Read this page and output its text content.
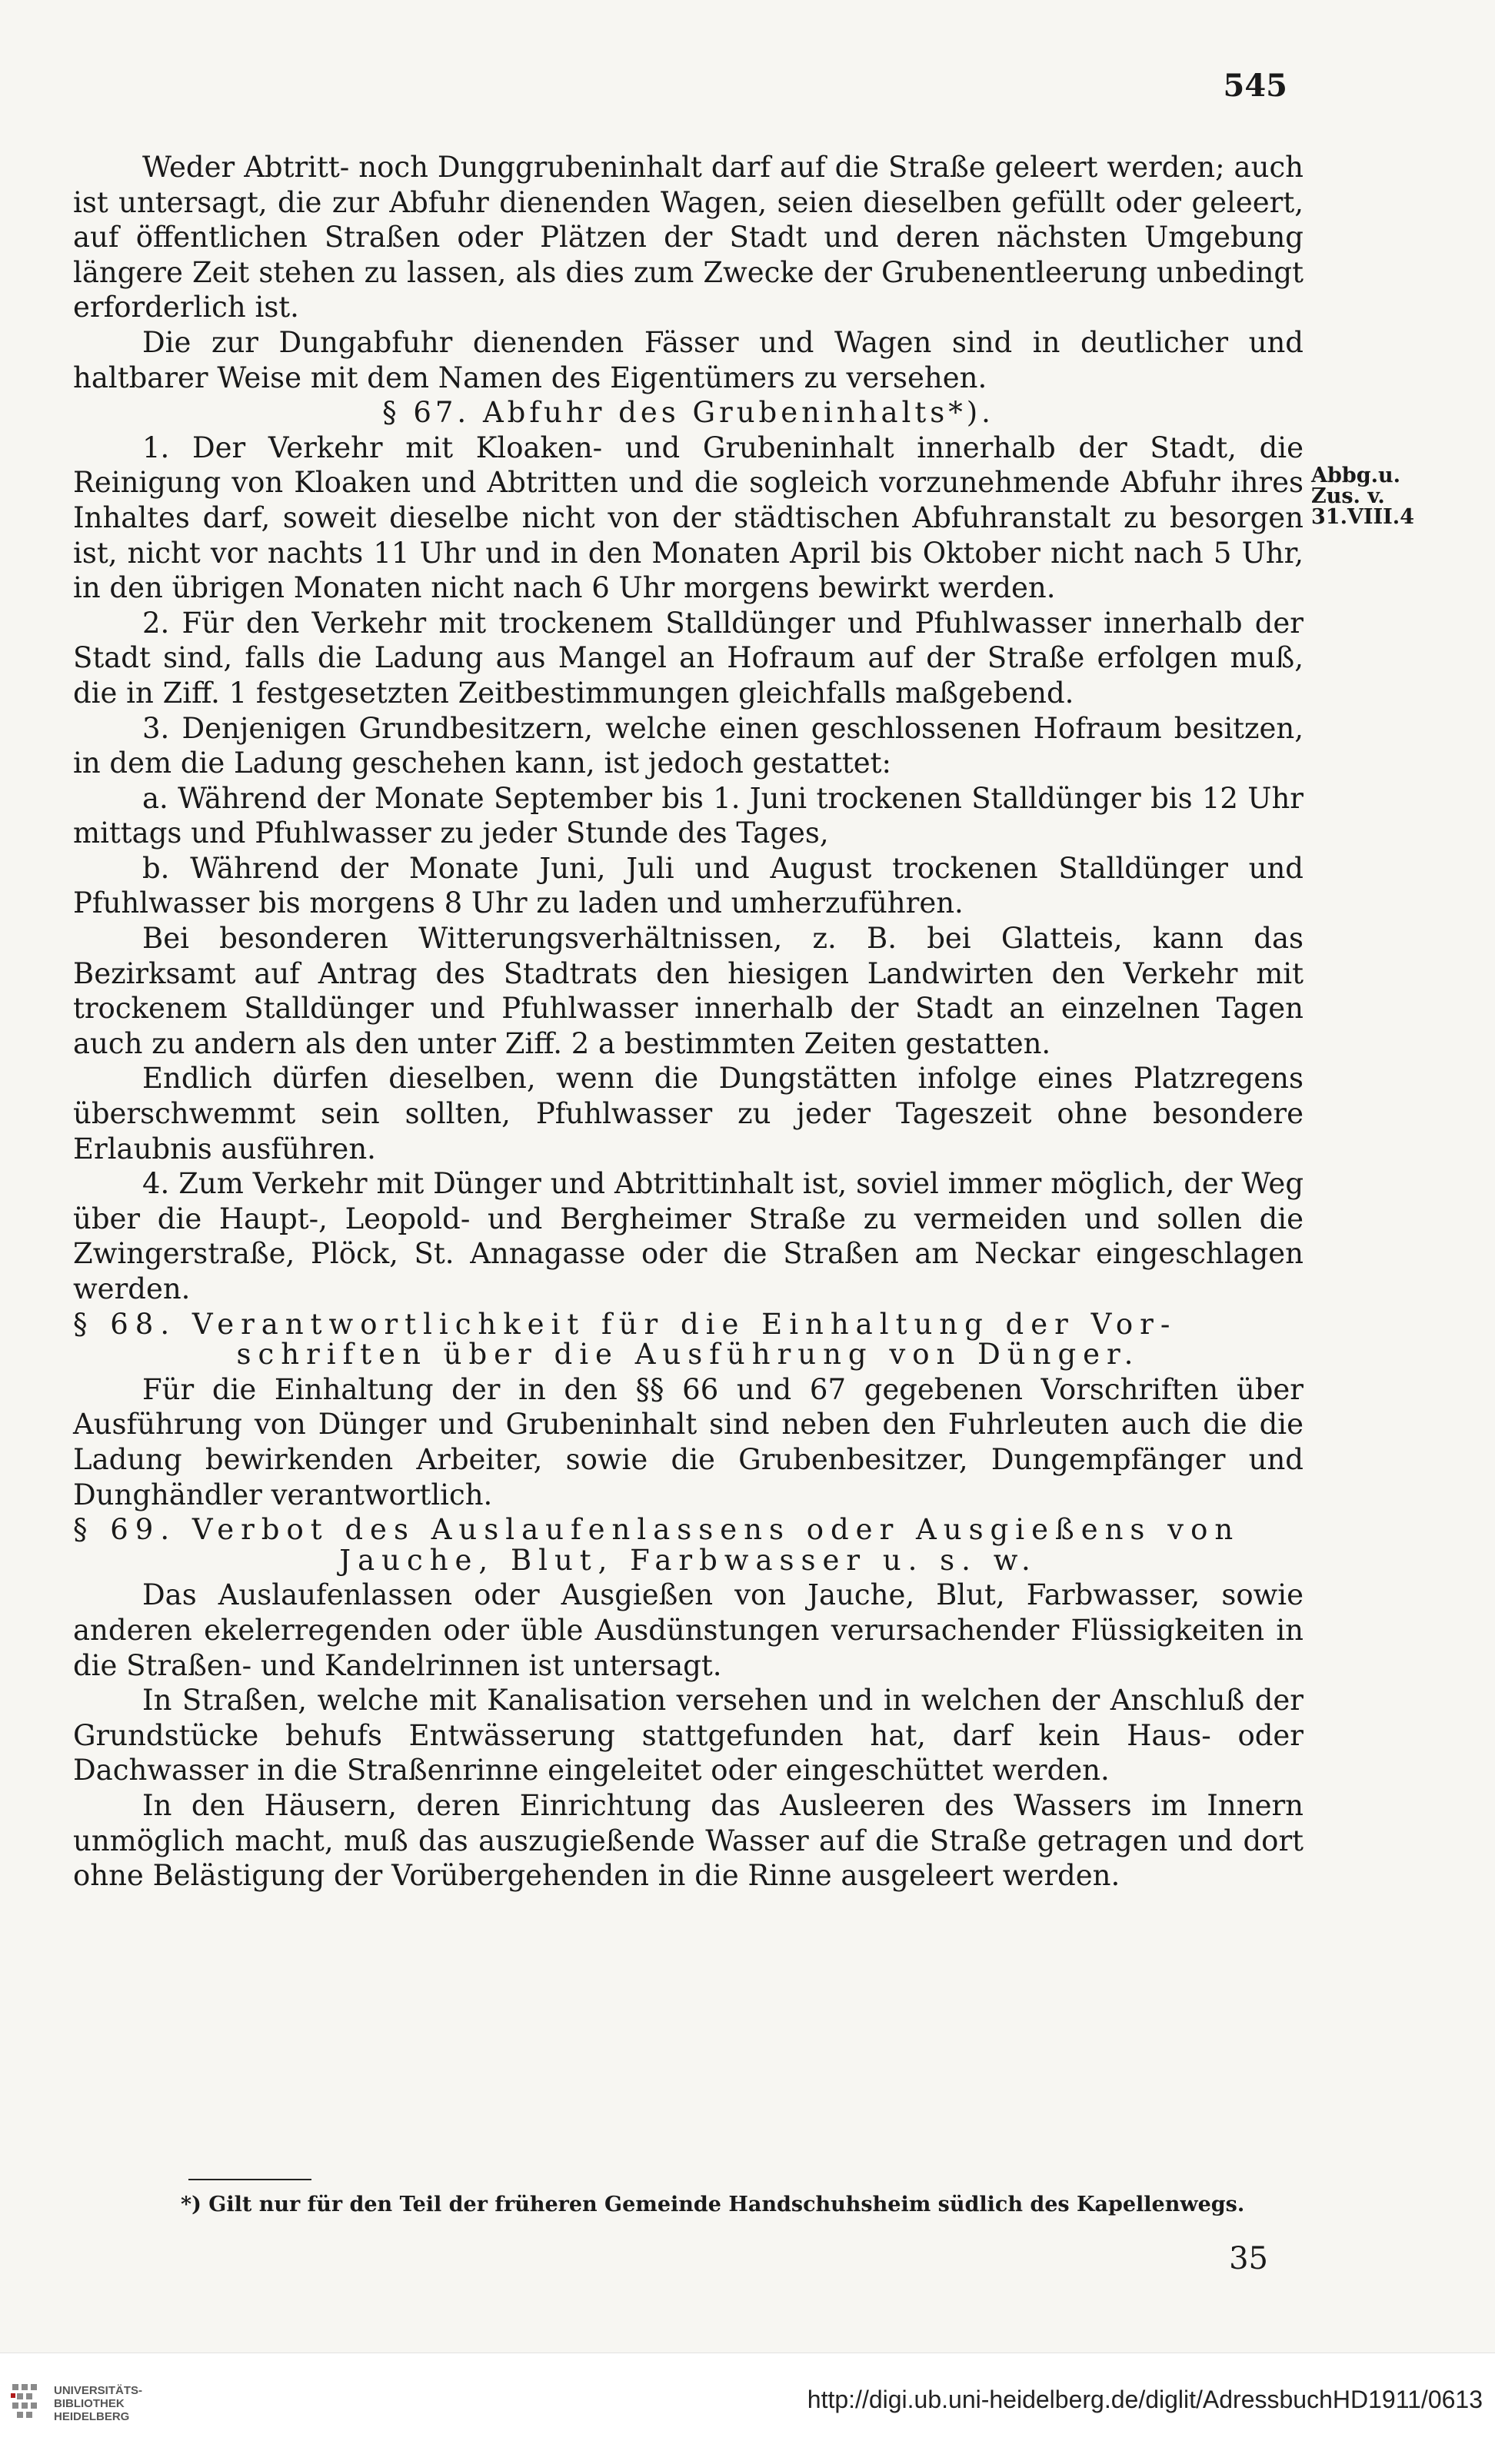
545

Weder Abtritt- noch Dunggrubeninhalt darf auf die Straße geleert werden; auch ist untersagt, die zur Abfuhr dienenden Wagen, seien dieselben gefüllt oder geleert, auf öffentlichen Straßen oder Plätzen der Stadt und deren nächsten Umgebung längere Zeit stehen zu lassen, als dies zum Zwecke der Grubenentleerung unbedingt erforderlich ist.

Die zur Dungabfuhr dienenden Fässer und Wagen sind in deutlicher und haltbarer Weise mit dem Namen des Eigentümers zu versehen.

§ 67. Abfuhr des Grubeninhalts*).

1. Der Verkehr mit Kloaken- und Grubeninhalt innerhalb der Stadt, die Reinigung von Kloaken und Abtritten und die sogleich vorzunehmende Abfuhr ihres Inhaltes darf, soweit dieselbe nicht von der städtischen Abfuhranstalt zu besorgen ist, nicht vor nachts 11 Uhr und in den Monaten April bis Oktober nicht nach 5 Uhr, in den übrigen Monaten nicht nach 6 Uhr morgens bewirkt werden.

2. Für den Verkehr mit trockenem Stalldünger und Pfuhlwasser innerhalb der Stadt sind, falls die Ladung aus Mangel an Hofraum auf der Straße erfolgen muß, die in Ziff. 1 festgesetzten Zeitbestimmungen gleichfalls maßgebend.

3. Denjenigen Grundbesitzern, welche einen geschlossenen Hofraum besitzen, in dem die Ladung geschehen kann, ist jedoch gestattet:

a. Während der Monate September bis 1. Juni trockenen Stalldünger bis 12 Uhr mittags und Pfuhlwasser zu jeder Stunde des Tages,

b. Während der Monate Juni, Juli und August trockenen Stalldünger und Pfuhlwasser bis morgens 8 Uhr zu laden und umherzuführen.

Bei besonderen Witterungsverhältnissen, z. B. bei Glatteis, kann das Bezirksamt auf Antrag des Stadtrats den hiesigen Landwirten den Verkehr mit trockenem Stalldünger und Pfuhlwasser innerhalb der Stadt an einzelnen Tagen auch zu andern als den unter Ziff. 2 a bestimmten Zeiten gestatten.

Endlich dürfen dieselben, wenn die Dungstätten infolge eines Platzregens überschwemmt sein sollten, Pfuhlwasser zu jeder Tageszeit ohne besondere Erlaubnis ausführen.

4. Zum Verkehr mit Dünger und Abtrittinhalt ist, soviel immer möglich, der Weg über die Haupt-, Leopold- und Bergheimer Straße zu vermeiden und sollen die Zwingerstraße, Plöck, St. Annagasse oder die Straßen am Neckar eingeschlagen werden.

§ 68. Verantwortlichkeit für die Einhaltung der Vor-

schriften über die Ausführung von Dünger.

Für die Einhaltung der in den §§ 66 und 67 gegebenen Vorschriften über Ausführung von Dünger und Grubeninhalt sind neben den Fuhrleuten auch die die Ladung bewirkenden Arbeiter, sowie die Grubenbesitzer, Dungempfänger und Dunghändler verantwortlich.

§ 69. Verbot des Auslaufenlassens oder Ausgießens von

Jauche, Blut, Farbwasser u. s. w.

Das Auslaufenlassen oder Ausgießen von Jauche, Blut, Farbwasser, sowie anderen ekelerregenden oder üble Ausdünstungen verursachender Flüssigkeiten in die Straßen- und Kandelrinnen ist untersagt.

In Straßen, welche mit Kanalisation versehen und in welchen der Anschluß der Grundstücke behufs Entwässerung stattgefunden hat, darf kein Haus- oder Dachwasser in die Straßenrinne eingeleitet oder eingeschüttet werden.

In den Häusern, deren Einrichtung das Ausleeren des Wassers im Innern unmöglich macht, muß das auszugießende Wasser auf die Straße getragen und dort ohne Belästigung der Vorübergehenden in die Rinne ausgeleert werden.

Abbg.u.
Zus. v.
31.VIII.4
*) Gilt nur für den Teil der früheren Gemeinde Handschuhsheim südlich des Kapellenwegs.
35
UNIVERSITÄTS-
BIBLIOTHEK
HEIDELBERG
http://digi.ub.uni-heidelberg.de/diglit/AdressbuchHD1911/0613
